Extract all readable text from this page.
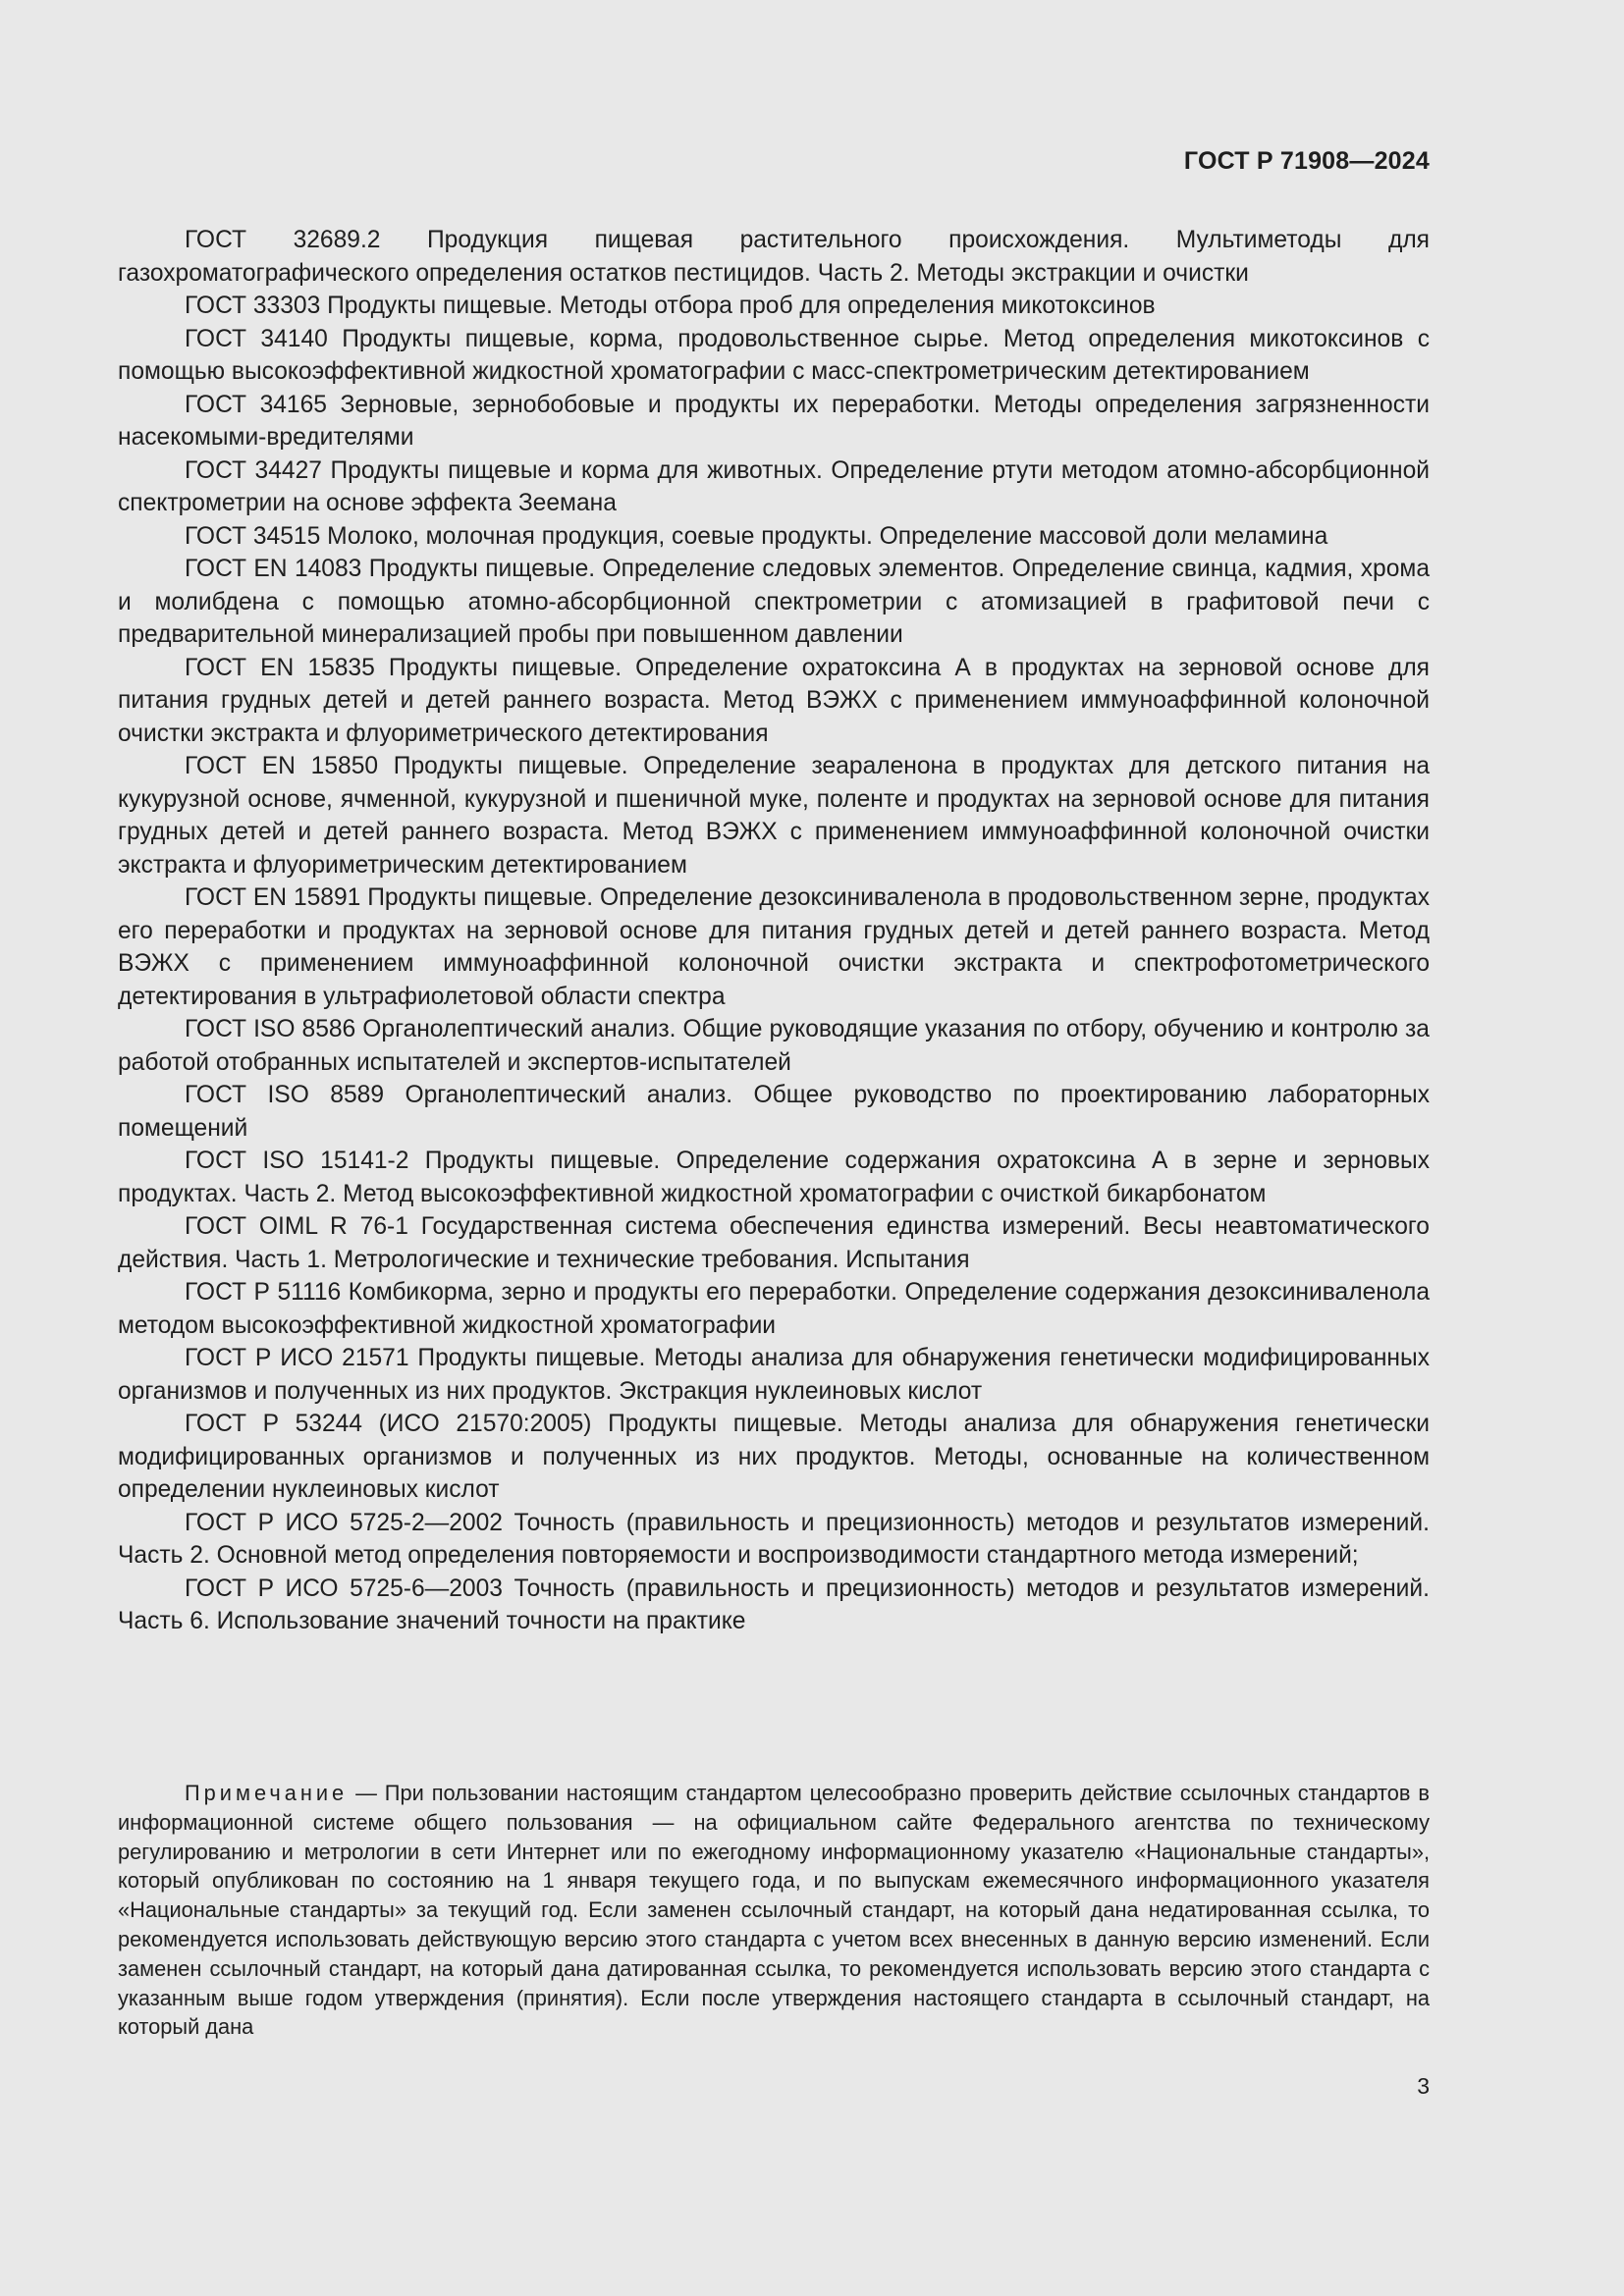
ГОСТ Р 71908—2024

ГОСТ 32689.2 Продукция пищевая растительного происхождения. Мультиметоды для газохроматографического определения остатков пестицидов. Часть 2. Методы экстракции и очистки

ГОСТ 33303 Продукты пищевые. Методы отбора проб для определения микотоксинов

ГОСТ 34140 Продукты пищевые, корма, продовольственное сырье. Метод определения микотоксинов с помощью высокоэффективной жидкостной хроматографии с масс-спектрометрическим детектированием

ГОСТ 34165 Зерновые, зернобобовые и продукты их переработки. Методы определения загрязненности насекомыми-вредителями

ГОСТ 34427 Продукты пищевые и корма для животных. Определение ртути методом атомно-абсорбционной спектрометрии на основе эффекта Зеемана

ГОСТ 34515 Молоко, молочная продукция, соевые продукты. Определение массовой доли меламина

ГОСТ EN 14083 Продукты пищевые. Определение следовых элементов. Определение свинца, кадмия, хрома и молибдена с помощью атомно-абсорбционной спектрометрии с атомизацией в графитовой печи с предварительной минерализацией пробы при повышенном давлении

ГОСТ EN 15835 Продукты пищевые. Определение охратоксина А в продуктах на зерновой основе для питания грудных детей и детей раннего возраста. Метод ВЭЖХ с применением иммуноаффинной колоночной очистки экстракта и флуориметрического детектирования

ГОСТ EN 15850 Продукты пищевые. Определение зеараленона в продуктах для детского питания на кукурузной основе, ячменной, кукурузной и пшеничной муке, поленте и продуктах на зерновой основе для питания грудных детей и детей раннего возраста. Метод ВЭЖХ с применением иммуноаффинной колоночной очистки экстракта и флуориметрическим детектированием

ГОСТ EN 15891 Продукты пищевые. Определение дезоксиниваленола в продовольственном зерне, продуктах его переработки и продуктах на зерновой основе для питания грудных детей и детей раннего возраста. Метод ВЭЖХ с применением иммуноаффинной колоночной очистки экстракта и спектрофотометрического детектирования в ультрафиолетовой области спектра

ГОСТ ISO 8586 Органолептический анализ. Общие руководящие указания по отбору, обучению и контролю за работой отобранных испытателей и экспертов-испытателей

ГОСТ ISO 8589 Органолептический анализ. Общее руководство по проектированию лабораторных помещений

ГОСТ ISO 15141-2 Продукты пищевые. Определение содержания охратоксина А в зерне и зерновых продуктах. Часть 2. Метод высокоэффективной жидкостной хроматографии с очисткой бикарбонатом

ГОСТ OIML R 76-1 Государственная система обеспечения единства измерений. Весы неавтоматического действия. Часть 1. Метрологические и технические требования. Испытания

ГОСТ Р 51116 Комбикорма, зерно и продукты его переработки. Определение содержания дезоксиниваленола методом высокоэффективной жидкостной хроматографии

ГОСТ Р ИСО 21571 Продукты пищевые. Методы анализа для обнаружения генетически модифицированных организмов и полученных из них продуктов. Экстракция нуклеиновых кислот

ГОСТ Р 53244 (ИСО 21570:2005) Продукты пищевые. Методы анализа для обнаружения генетически модифицированных организмов и полученных из них продуктов. Методы, основанные на количественном определении нуклеиновых кислот

ГОСТ Р ИСО 5725-2—2002 Точность (правильность и прецизионность) методов и результатов измерений. Часть 2. Основной метод определения повторяемости и воспроизводимости стандартного метода измерений;

ГОСТ Р ИСО 5725-6—2003 Точность (правильность и прецизионность) методов и результатов измерений. Часть 6. Использование значений точности на практике

Примечание — При пользовании настоящим стандартом целесообразно проверить действие ссылочных стандартов в информационной системе общего пользования — на официальном сайте Федерального агентства по техническому регулированию и метрологии в сети Интернет или по ежегодному информационному указателю «Национальные стандарты», который опубликован по состоянию на 1 января текущего года, и по выпускам ежемесячного информационного указателя «Национальные стандарты» за текущий год. Если заменен ссылочный стандарт, на который дана недатированная ссылка, то рекомендуется использовать действующую версию этого стандарта с учетом всех внесенных в данную версию изменений. Если заменен ссылочный стандарт, на который дана датированная ссылка, то рекомендуется использовать версию этого стандарта с указанным выше годом утверждения (принятия). Если после утверждения настоящего стандарта в ссылочный стандарт, на который дана

3
